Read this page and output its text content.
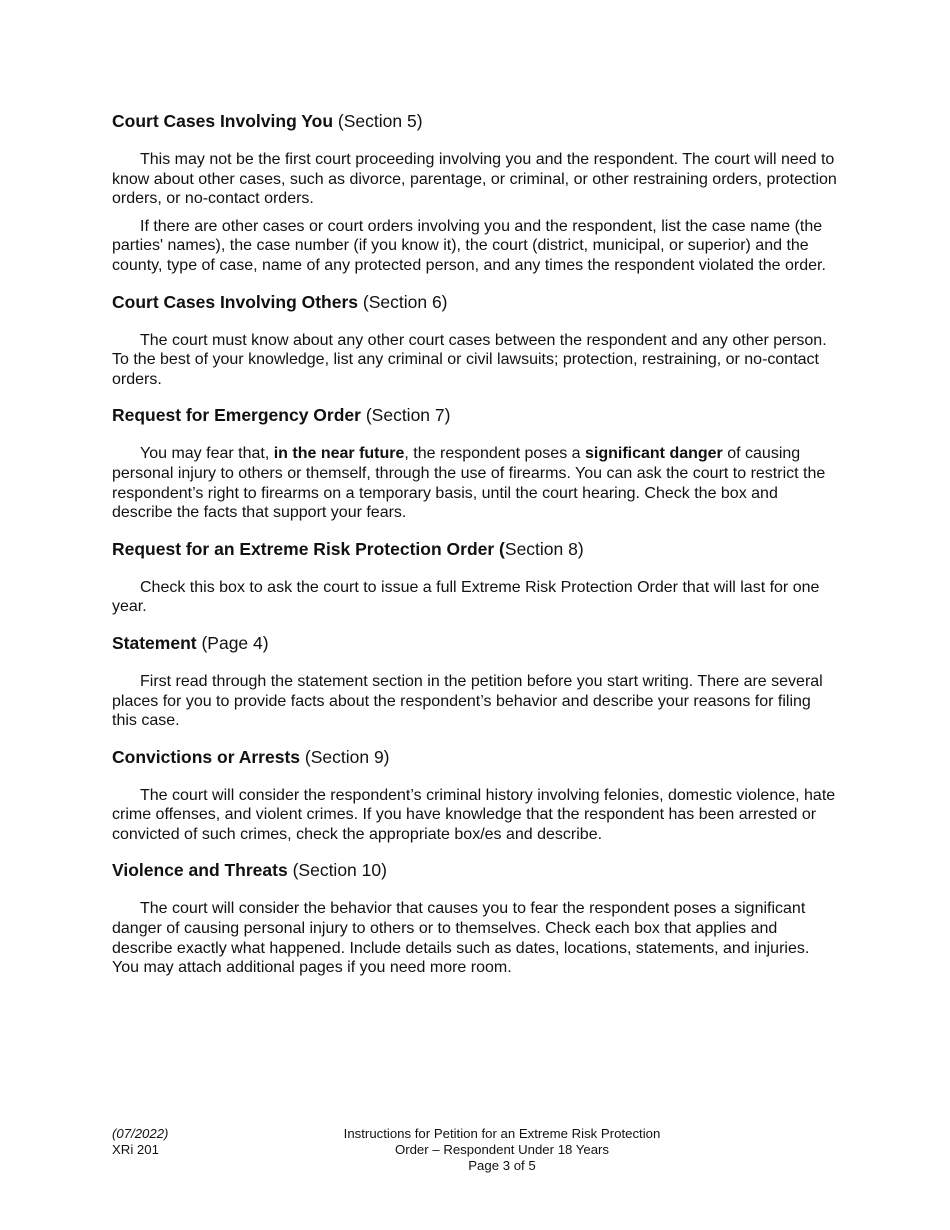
Court Cases Involving You (Section 5)

This may not be the first court proceeding involving you and the respondent. The court will need to know about other cases, such as divorce, parentage, or criminal, or other restraining orders, protection orders, or no-contact orders.

If there are other cases or court orders involving you and the respondent, list the case name (the parties' names), the case number (if you know it), the court (district, municipal, or superior) and the county, type of case, name of any protected person, and any times the respondent violated the order.

Court Cases Involving Others (Section 6)

The court must know about any other court cases between the respondent and any other person. To the best of your knowledge, list any criminal or civil lawsuits; protection, restraining, or no-contact orders.

Request for Emergency Order (Section 7)

You may fear that, in the near future, the respondent poses a significant danger of causing personal injury to others or themself, through the use of firearms. You can ask the court to restrict the respondent’s right to firearms on a temporary basis, until the court hearing. Check the box and describe the facts that support your fears.

Request for an Extreme Risk Protection Order (Section 8)

Check this box to ask the court to issue a full Extreme Risk Protection Order that will last for one year.

Statement (Page 4)

First read through the statement section in the petition before you start writing. There are several places for you to provide facts about the respondent’s behavior and describe your reasons for filing this case.

Convictions or Arrests (Section 9)

The court will consider the respondent’s criminal history involving felonies, domestic violence, hate crime offenses, and violent crimes. If you have knowledge that the respondent has been arrested or convicted of such crimes, check the appropriate box/es and describe.

Violence and Threats (Section 10)

The court will consider the behavior that causes you to fear the respondent poses a significant danger of causing personal injury to others or to themselves. Check each box that applies and describe exactly what happened. Include details such as dates, locations, statements, and injuries. You may attach additional pages if you need more room.

(07/2022)
XRi 201
Instructions for Petition for an Extreme Risk Protection
Order – Respondent Under 18 Years
Page 3 of 5
